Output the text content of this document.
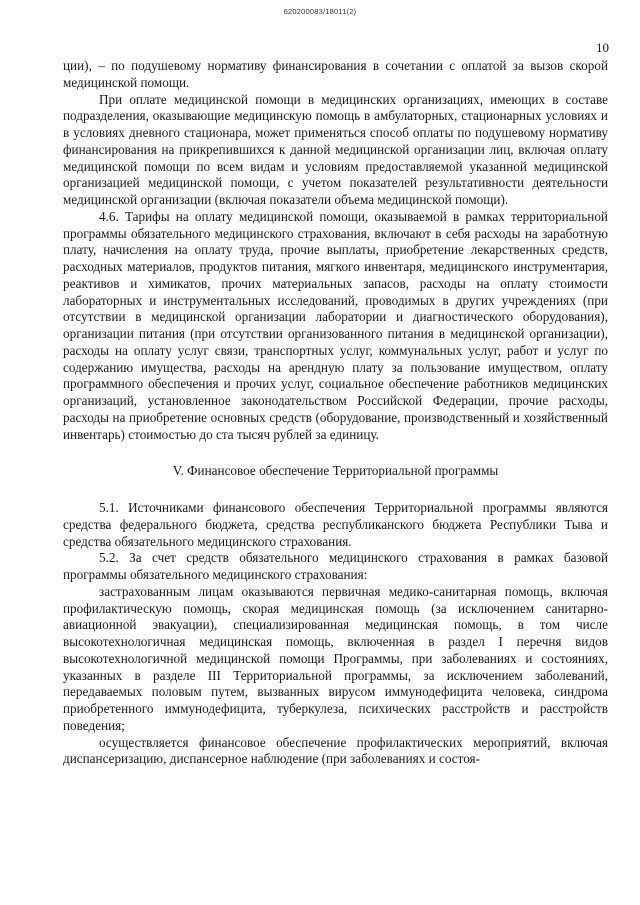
620200083/18011(2)
10

ции), – по подушевому нормативу финансирования в сочетании с оплатой за вызов скорой медицинской помощи.

При оплате медицинской помощи в медицинских организациях, имеющих в составе подразделения, оказывающие медицинскую помощь в амбулаторных, стационарных условиях и в условиях дневного стационара, может применяться способ оплаты по подушевому нормативу финансирования на прикрепившихся к данной медицинской организации лиц, включая оплату медицинской помощи по всем видам и условиям предоставляемой указанной медицинской организацией медицинской помощи, с учетом показателей результативности деятельности медицинской организации (включая показатели объема медицинской помощи).

4.6. Тарифы на оплату медицинской помощи, оказываемой в рамках территориальной программы обязательного медицинского страхования, включают в себя расходы на заработную плату, начисления на оплату труда, прочие выплаты, приобретение лекарственных средств, расходных материалов, продуктов питания, мягкого инвентаря, медицинского инструментария, реактивов и химикатов, прочих материальных запасов, расходы на оплату стоимости лабораторных и инструментальных исследований, проводимых в других учреждениях (при отсутствии в медицинской организации лаборатории и диагностического оборудования), организации питания (при отсутствии организованного питания в медицинской организации), расходы на оплату услуг связи, транспортных услуг, коммунальных услуг, работ и услуг по содержанию имущества, расходы на арендную плату за пользование имуществом, оплату программного обеспечения и прочих услуг, социальное обеспечение работников медицинских организаций, установленное законодательством Российской Федерации, прочие расходы, расходы на приобретение основных средств (оборудование, производственный и хозяйственный инвентарь) стоимостью до ста тысяч рублей за единицу.

V. Финансовое обеспечение Территориальной программы

5.1. Источниками финансового обеспечения Территориальной программы являются средства федерального бюджета, средства республиканского бюджета Республики Тыва и средства обязательного медицинского страхования.

5.2. За счет средств обязательного медицинского страхования в рамках базовой программы обязательного медицинского страхования:

застрахованным лицам оказываются первичная медико-санитарная помощь, включая профилактическую помощь, скорая медицинская помощь (за исключением санитарно-авиационной эвакуации), специализированная медицинская помощь, в том числе высокотехнологичная медицинская помощь, включенная в раздел I перечня видов высокотехнологичной медицинской помощи Программы, при заболеваниях и состояниях, указанных в разделе III Территориальной программы, за исключением заболеваний, передаваемых половым путем, вызванных вирусом иммунодефицита человека, синдрома приобретенного иммунодефицита, туберкулеза, психических расстройств и расстройств поведения;

осуществляется финансовое обеспечение профилактических мероприятий, включая диспансеризацию, диспансерное наблюдение (при заболеваниях и состоя-
